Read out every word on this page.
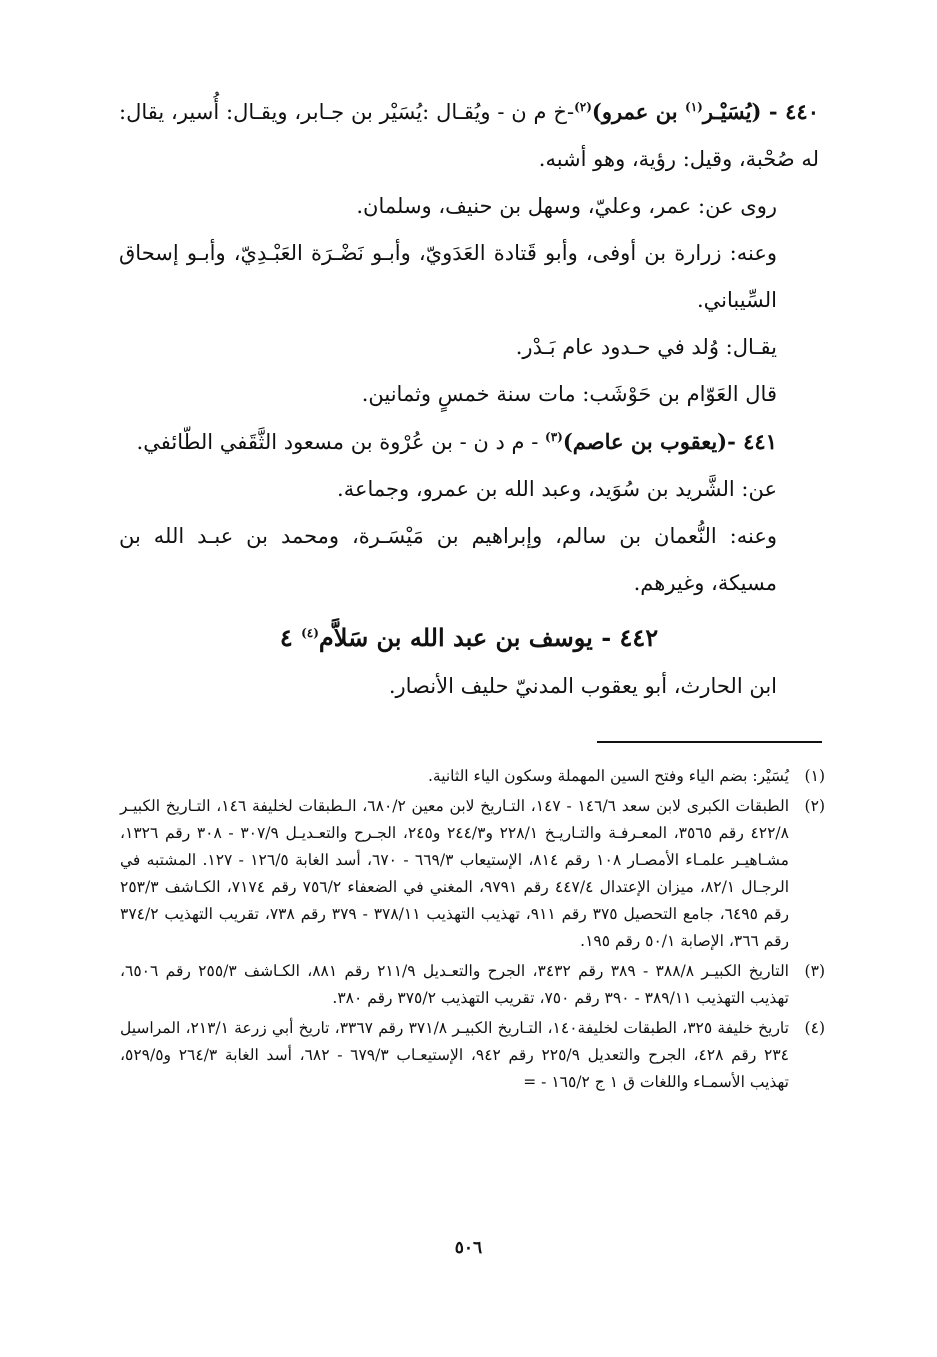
٤٤٠ - (يُسَيْـر$^{(١)}$ بن عمرو)$^{(٢)}$-خ م ن - ويُقـال :يُسَيْر بن جـابر، ويقـال: أُسير، يقال: له صُحْبة، وقيل: رؤية، وهو أشبه.

روى عن: عمر، وعليّ، وسهل بن حنيف، وسلمان.

وعنه: زرارة بن أوفى، وأبو قَتادة العَدَويّ، وأبـو نَضْـرَة العَبْـدِيّ، وأبـو إسحاق السِّيباني.

يقـال: وُلد في حـدود عام بَـدْر.

قال العَوّام بن حَوْشَب: مات سنة خمسٍ وثمانين.

٤٤١ -(يعقوب بن عاصم)$^{(٣)}$ - م د ن - بن عُرْوة بن مسعود الثَّقَفي الطّائفي.

عن: الشَّريد بن سُوَيد، وعبد الله بن عمرو، وجماعة.

وعنه: النُّعمان بن سالم، وإبراهيم بن مَيْسَـرة، ومحمد بن عبـد الله بن مسيكة، وغيرهم.

٤٤٢ - يوسف بن عبد الله بن سَلاَّم$^{(٤)}$ ٤

ابن الحارث، أبو يعقوب المدنيّ حليف الأنصار.

(١)
يُسَيْر: بضم الياء وفتح السين المهملة وسكون الياء الثانية.

(٢)
الطبقات الكبرى لابن سعد ١٤٦/٦ - ١٤٧، التـاريخ لابن معين ٦٨٠/٢، الـطبقات لخليفة ١٤٦، التـاريخ الكبيـر ٤٢٢/٨ رقم ٣٥٦٥، المعـرفـة والتـاريـخ ٢٢٨/١ و٢٤٤/٣ و٢٤٥، الجـرح والتعـديـل ٣٠٧/٩ - ٣٠٨ رقم ١٣٢٦، مشـاهيـر علمـاء الأمصـار ١٠٨ رقم ٨١٤، الإستيعاب ٦٦٩/٣ - ٦٧٠، أسد الغابة ١٢٦/٥ - ١٢٧. المشتبه في الرجـال ٨٢/١، ميزان الإعتدال ٤٤٧/٤ رقم ٩٧٩١، المغني في الضعفاء ٧٥٦/٢ رقم ٧١٧٤، الكـاشف ٢٥٣/٣ رقم ٦٤٩٥، جامع التحصيل ٣٧٥ رقم ٩١١، تهذيب التهذيب ٣٧٨/١١ - ٣٧٩ رقم ٧٣٨، تقريب التهذيب ٣٧٤/٢ رقم ٣٦٦، الإصابة ٥٠/١ رقم ١٩٥.

(٣)
التاريخ الكبيـر ٣٨٨/٨ - ٣٨٩ رقم ٣٤٣٢، الجرح والتعـديل ٢١١/٩ رقم ٨٨١، الكـاشف ٢٥٥/٣ رقم ٦٥٠٦، تهذيب التهذيب ٣٨٩/١١ - ٣٩٠ رقم ٧٥٠، تقريب التهذيب ٣٧٥/٢ رقم ٣٨٠.

(٤)
تاريخ خليفة ٣٢٥، الطبقات لخليفة١٤٠، التـاريخ الكبيـر ٣٧١/٨ رقم ٣٣٦٧، تاريخ أبي زرعة ٢١٣/١، المراسيل ٢٣٤ رقم ٤٢٨، الجرح والتعديل ٢٢٥/٩ رقم ٩٤٢، الإستيعـاب ٦٧٩/٣ - ٦٨٢، أسد الغابة ٢٦٤/٣ و٥٢٩/٥، تهذيب الأسمـاء واللغات ق ١ ج ١٦٥/٢ - =

٥٠٦
